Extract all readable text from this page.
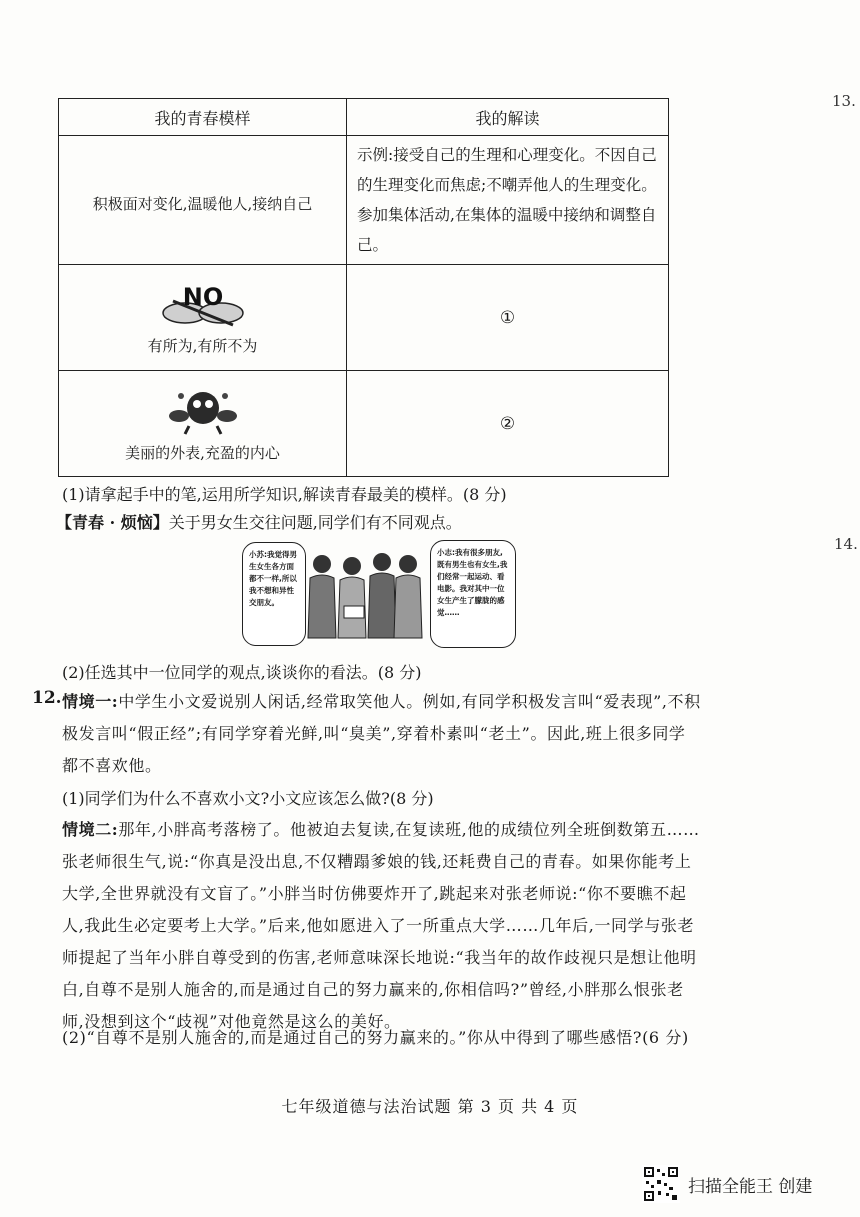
13.
14.
我的青春模样	我的解读

积极面对变化,温暖他人,接纳自己	示例:接受自己的生理和心理变化。不因自己的生理变化而焦虑;不嘲弄他人的生理变化。参加集体活动,在集体的温暖中接纳和调整自己。

NO
有所为,有所不为	①

美丽的外表,充盈的内心	②
(1)请拿起手中的笔,运用所学知识,解读青春最美的模样。(8 分)
【青春 · 烦恼】关于男女生交往问题,同学们有不同观点。
小苏:我觉得男生女生各方面都不一样,所以我不想和异性交朋友。
小志:我有很多朋友,既有男生也有女生,我们经常一起运动、看电影。我对其中一位女生产生了朦胧的感觉……
(2)任选其中一位同学的观点,谈谈你的看法。(8 分)
12. 情境一:中学生小文爱说别人闲话,经常取笑他人。例如,有同学积极发言叫“爱表现”,不积极发言叫“假正经”;有同学穿着光鲜,叫“臭美”,穿着朴素叫“老土”。因此,班上很多同学都不喜欢他。
(1)同学们为什么不喜欢小文?小文应该怎么做?(8 分)
情境二:那年,小胖高考落榜了。他被迫去复读,在复读班,他的成绩位列全班倒数第五……张老师很生气,说:“你真是没出息,不仅糟蹋爹娘的钱,还耗费自己的青春。如果你能考上大学,全世界就没有文盲了。”小胖当时仿佛要炸开了,跳起来对张老师说:“你不要瞧不起人,我此生必定要考上大学。”后来,他如愿进入了一所重点大学……几年后,一同学与张老师提起了当年小胖自尊受到的伤害,老师意味深长地说:“我当年的故作歧视只是想让他明白,自尊不是别人施舍的,而是通过自己的努力赢来的,你相信吗?”曾经,小胖那么恨张老师,没想到这个“歧视”对他竟然是这么的美好。
(2)“自尊不是别人施舍的,而是通过自己的努力赢来的。”你从中得到了哪些感悟?(6 分)
七年级道德与法治试题 第 3 页 共 4 页
扫描全能王 创建
